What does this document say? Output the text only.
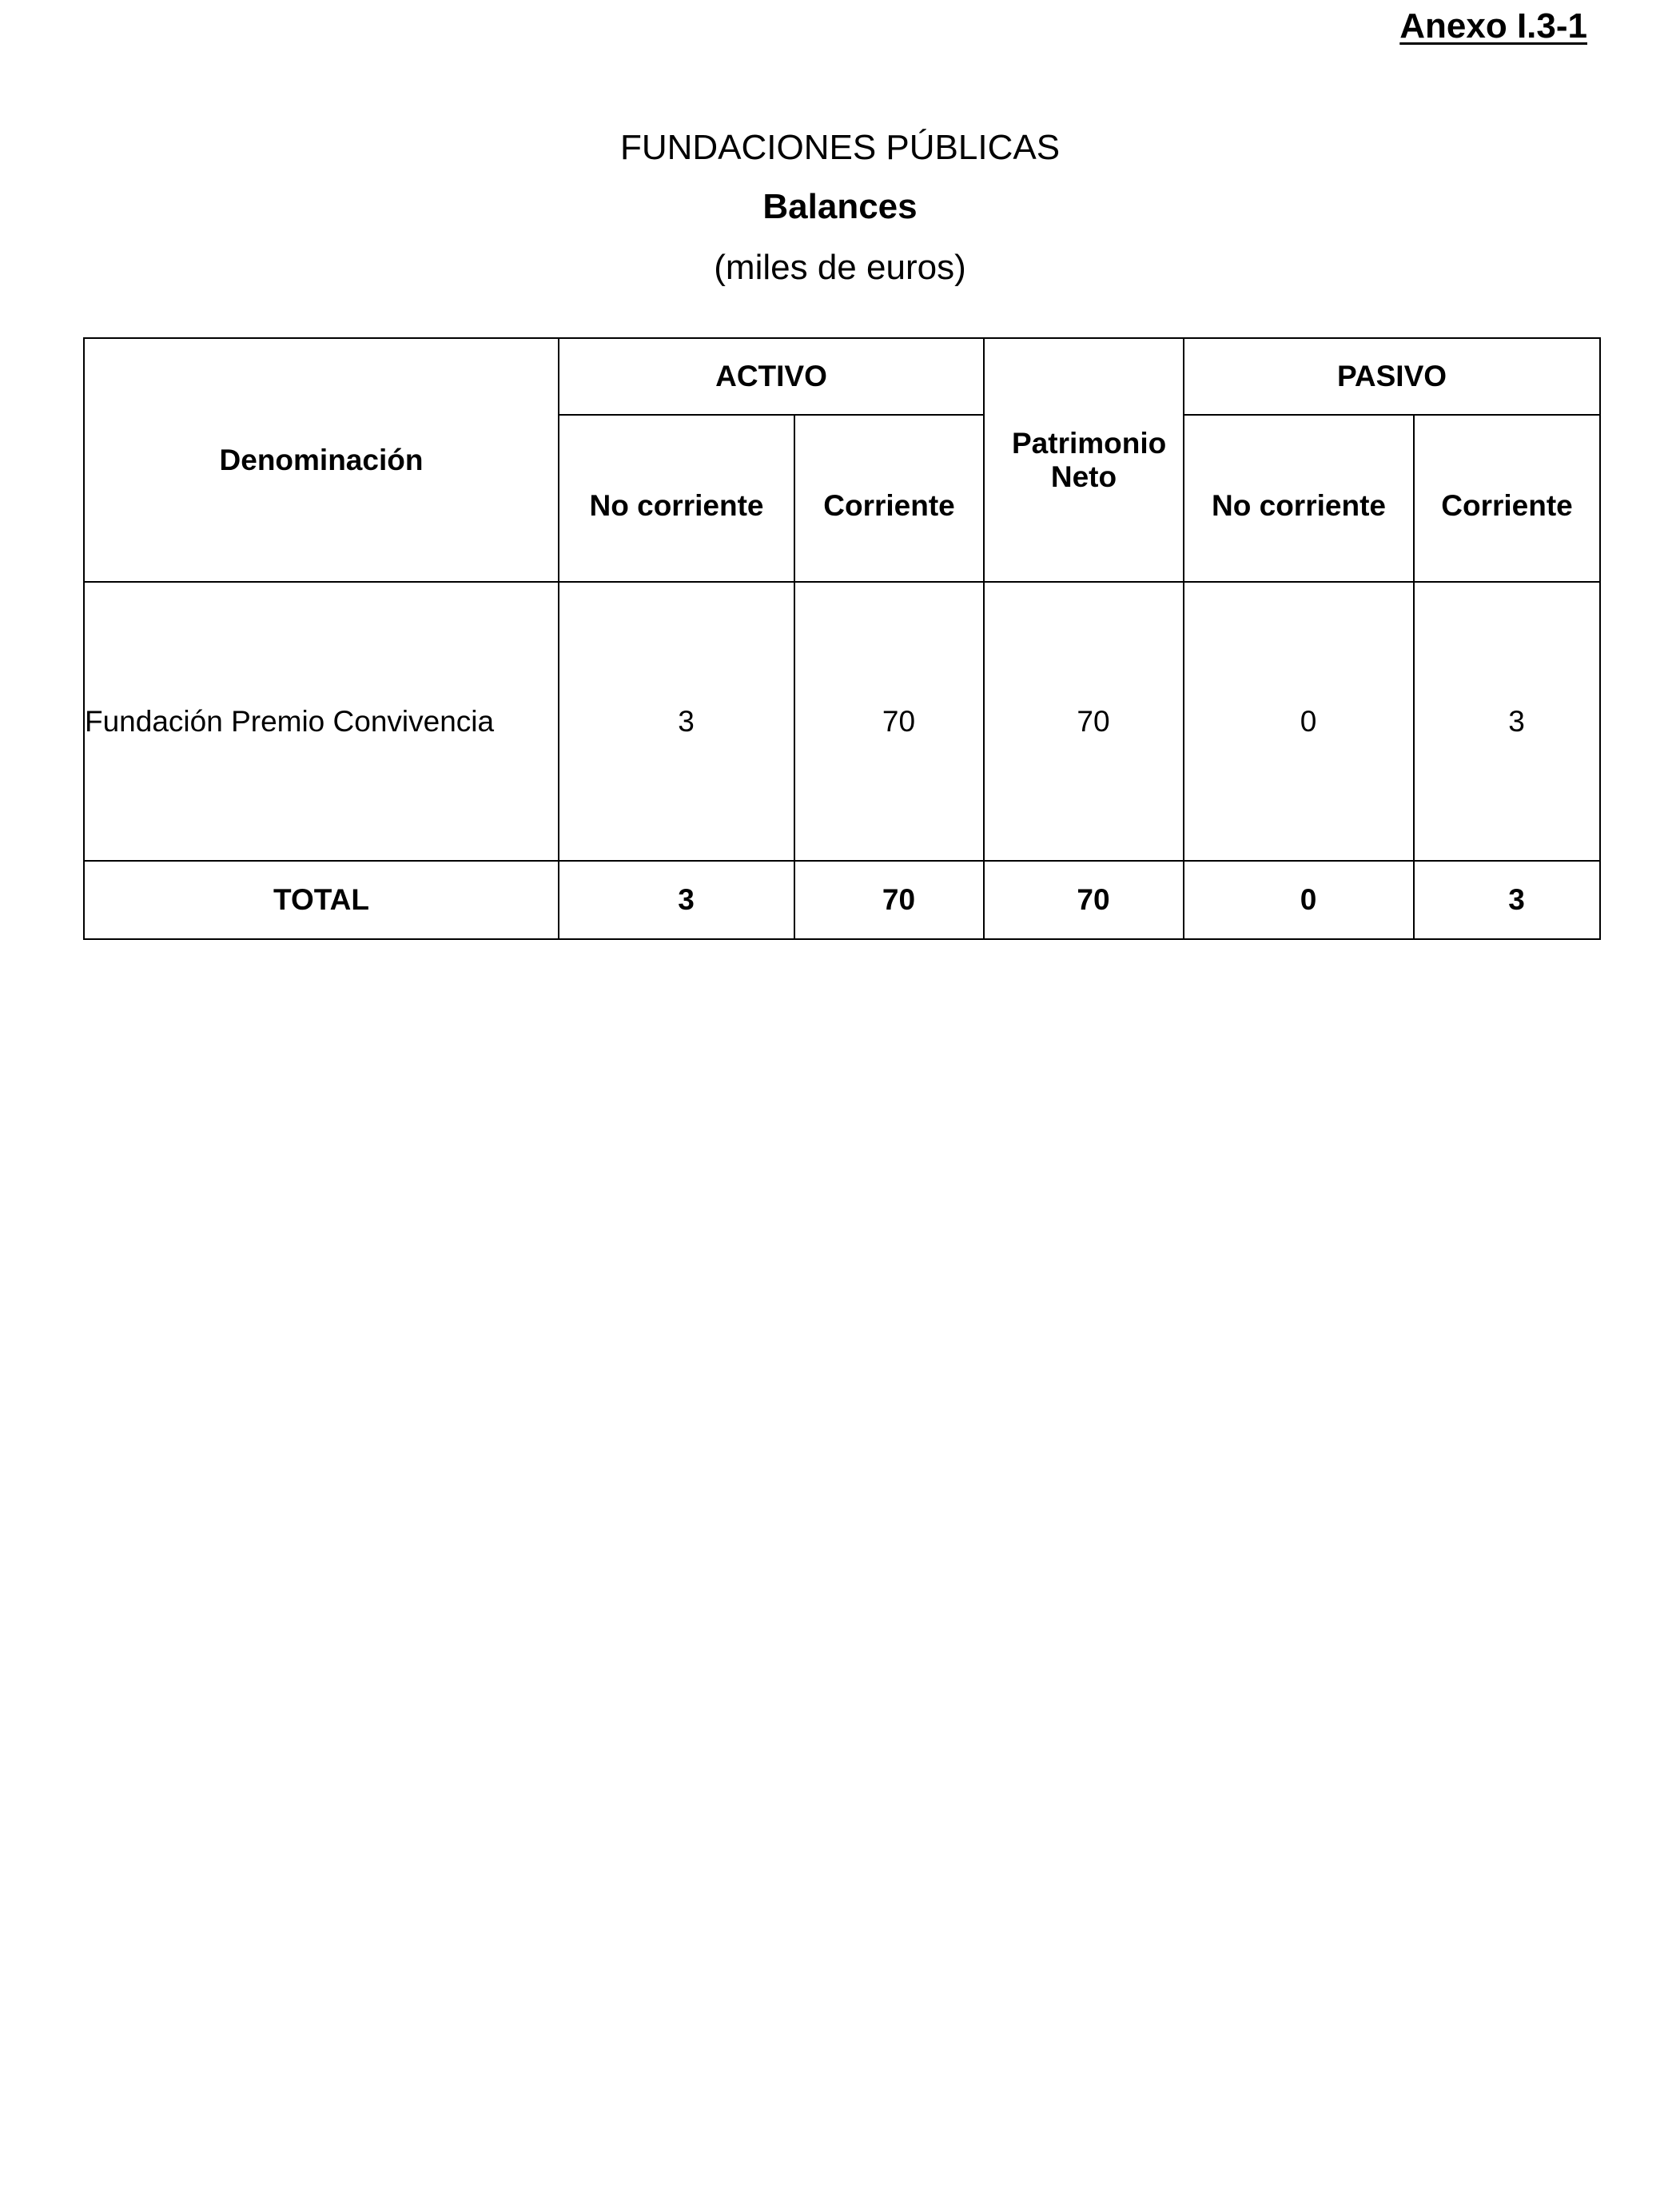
Anexo I.3-1
FUNDACIONES PÚBLICAS
Balances
(miles de euros)
Denominación	ACTIVO		Patrimonio Neto	PASIVO	
	No corriente	Corriente		No corriente	Corriente
Fundación Premio Convivencia	3	70	70	0	3
TOTAL	3	70	70	0	3
